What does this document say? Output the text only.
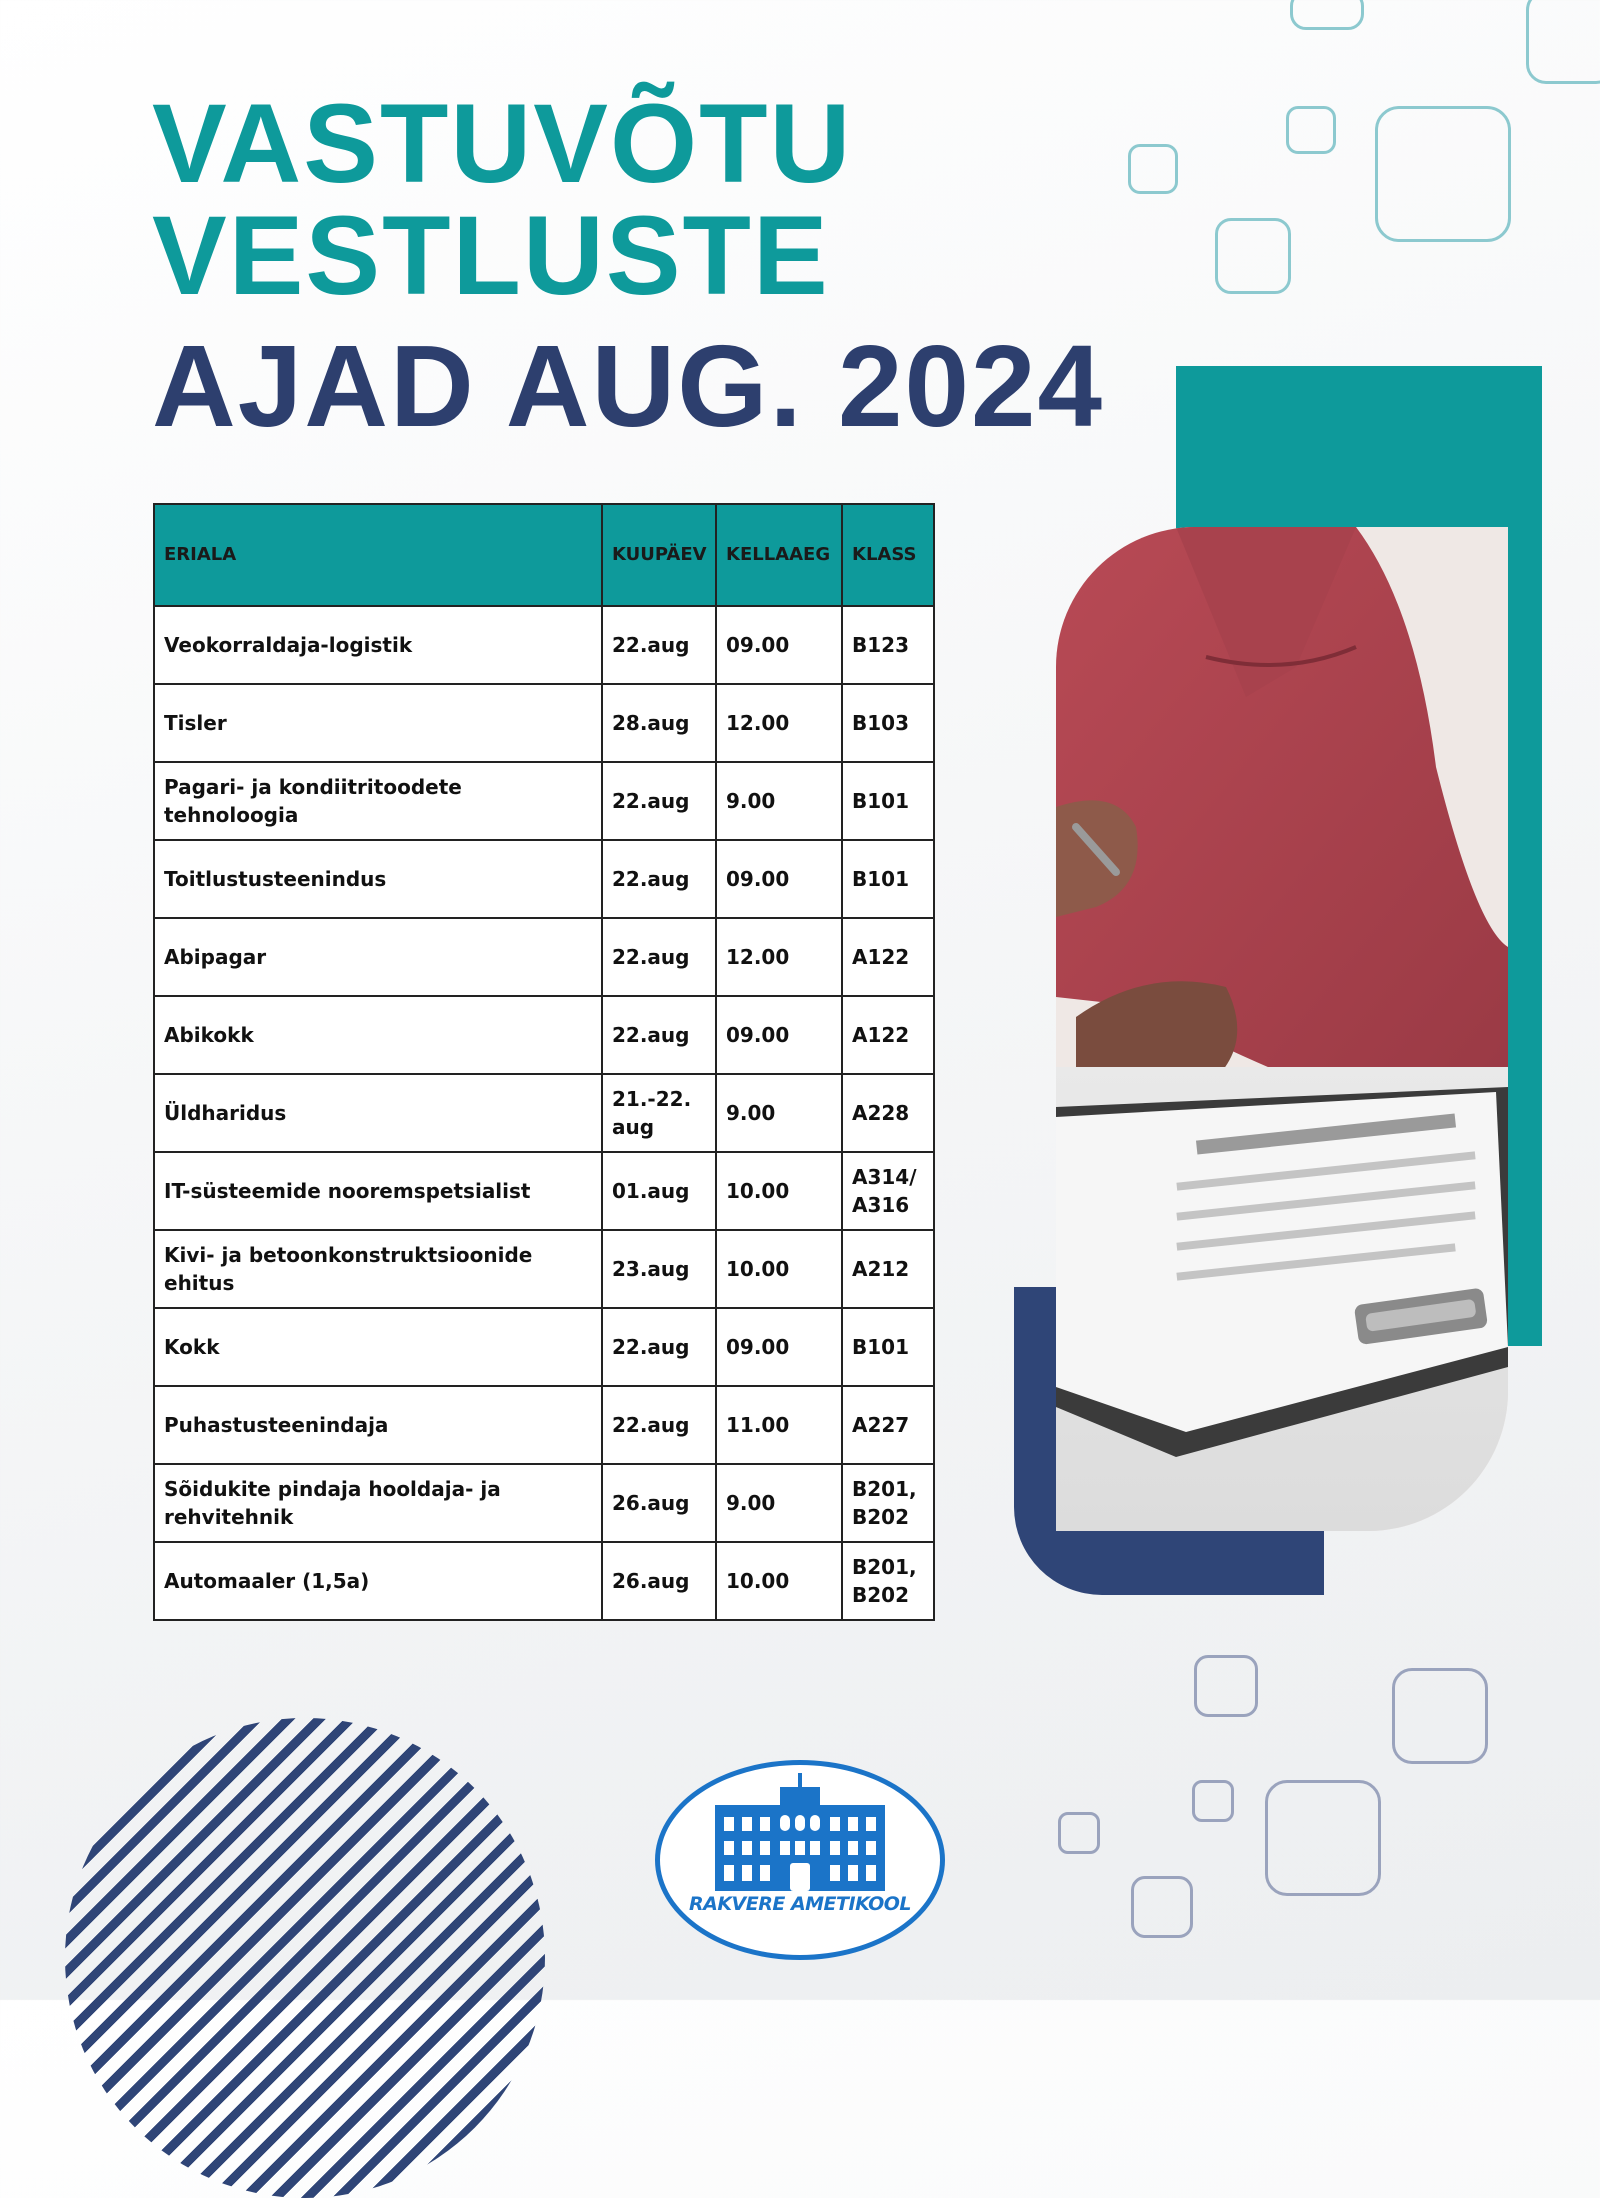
VASTUVÕTU
VESTLUSTE
AJAD AUG. 2024
ERIALA	KUUPÄEV	KELLAAEG	KLASS
Veokorraldaja-logistik	22.aug	09.00	B123
Tisler	28.aug	12.00	B103
Pagari- ja kondiitritoodete tehnoloogia	22.aug	9.00	B101
Toitlustusteenindus	22.aug	09.00	B101
Abipagar	22.aug	12.00	A122
Abikokk	22.aug	09.00	A122
Üldharidus	21.-22. aug	9.00	A228
IT-süsteemide nooremspetsialist	01.aug	10.00	A314/ A316
Kivi- ja betoonkonstruktsioonide ehitus	23.aug	10.00	A212
Kokk	22.aug	09.00	B101
Puhastusteenindaja	22.aug	11.00	A227
Sõidukite pindaja hooldaja- ja rehvitehnik	26.aug	9.00	B201, B202
Automaaler (1,5a)	26.aug	10.00	B201, B202
RAKVERE AMETIKOOL
